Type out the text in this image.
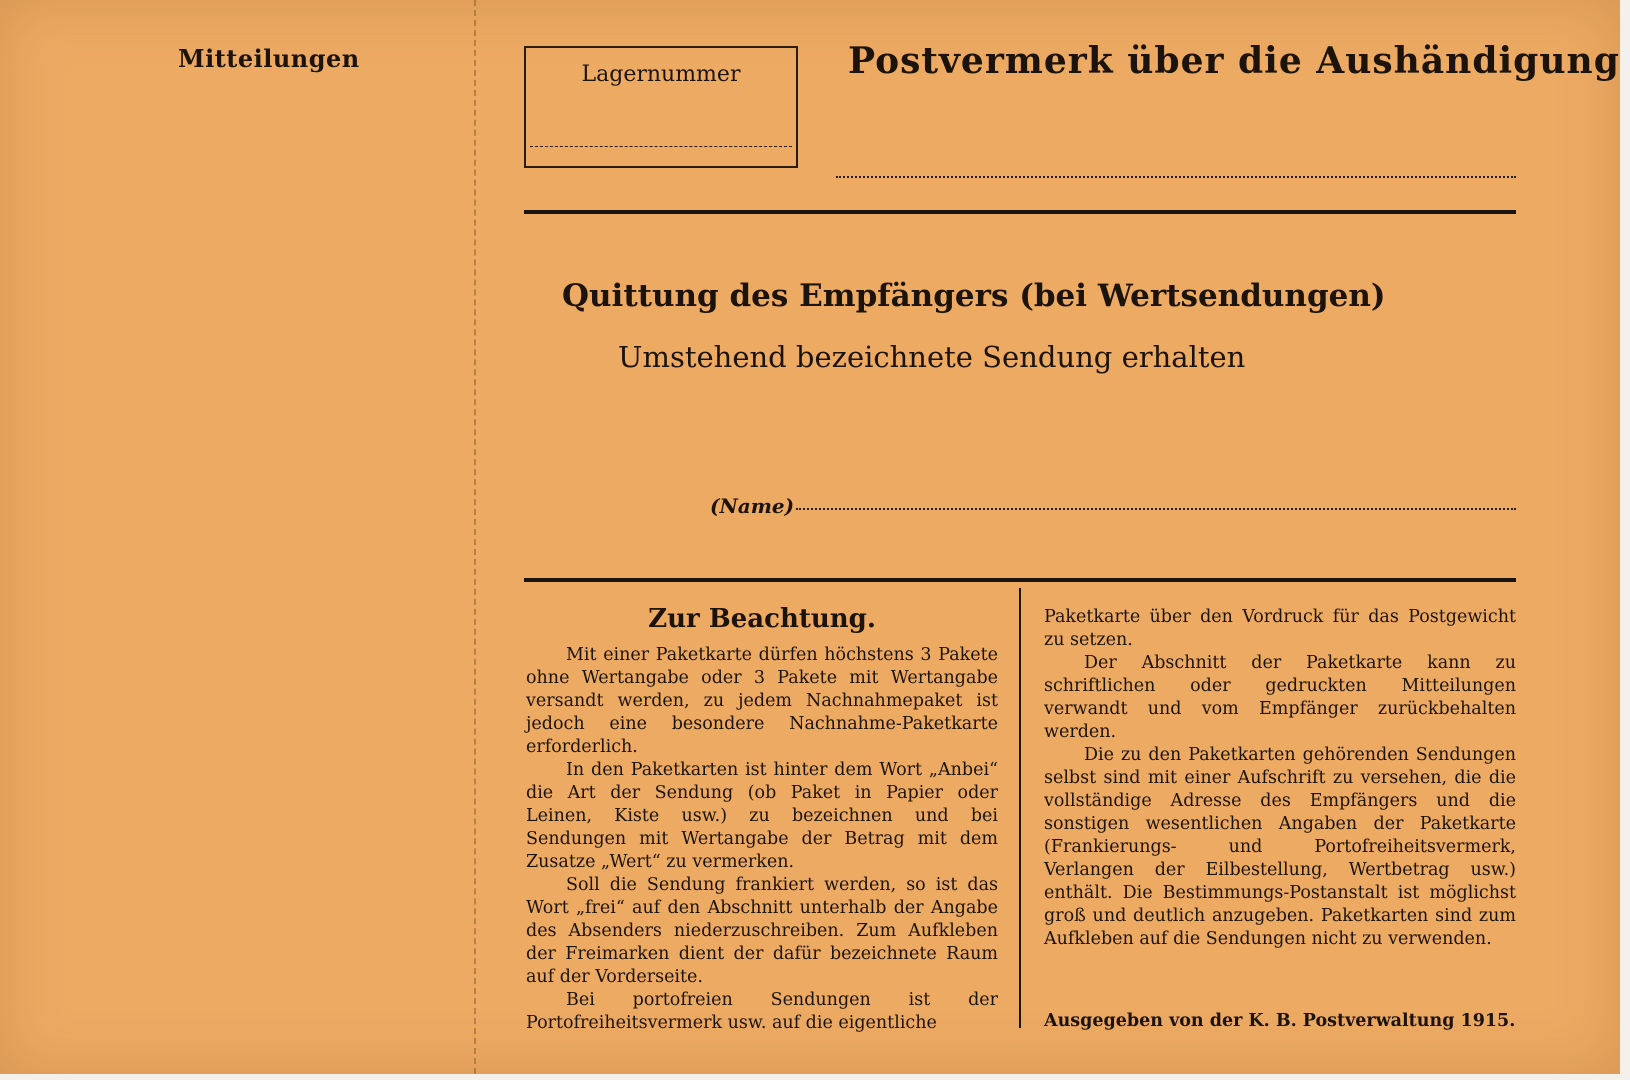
Mitteilungen
Lagernummer	Postvermerk über die Aushändigung
Quittung des Empfängers (bei Wertsendungen)
Umstehend bezeichnete Sendung erhalten
(Name)
Zur Beachtung.

Mit einer Paketkarte dürfen höchstens 3 Pakete ohne Wertangabe oder 3 Pakete mit Wertangabe versandt werden, zu jedem Nachnahmepaket ist jedoch eine besondere Nachnahme-Paketkarte erforderlich.

In den Paketkarten ist hinter dem Wort „Anbei“ die Art der Sendung (ob Paket in Papier oder Leinen, Kiste usw.) zu bezeichnen und bei Sendungen mit Wertangabe der Betrag mit dem Zusatze „Wert“ zu vermerken.

Soll die Sendung frankiert werden, so ist das Wort „frei“ auf den Abschnitt unterhalb der Angabe des Absenders niederzuschreiben. Zum Aufkleben der Freimarken dient der dafür bezeichnete Raum auf der Vorderseite.

Bei portofreien Sendungen ist der Portofreiheitsvermerk usw. auf die eigentliche

Paketkarte über den Vordruck für das Postgewicht zu setzen.

Der Abschnitt der Paketkarte kann zu schriftlichen oder gedruckten Mitteilungen verwandt und vom Empfänger zurückbehalten werden.

Die zu den Paketkarten gehörenden Sendungen selbst sind mit einer Aufschrift zu versehen, die die vollständige Adresse des Empfängers und die sonstigen wesentlichen Angaben der Paketkarte (Frankierungs- und Portofreiheitsvermerk, Verlangen der Eilbestellung, Wertbetrag usw.) enthält. Die Bestimmungs-Postanstalt ist möglichst groß und deutlich anzugeben. Paketkarten sind zum Aufkleben auf die Sendungen nicht zu verwenden.

Ausgegeben von der K. B. Postverwaltung 1915.
